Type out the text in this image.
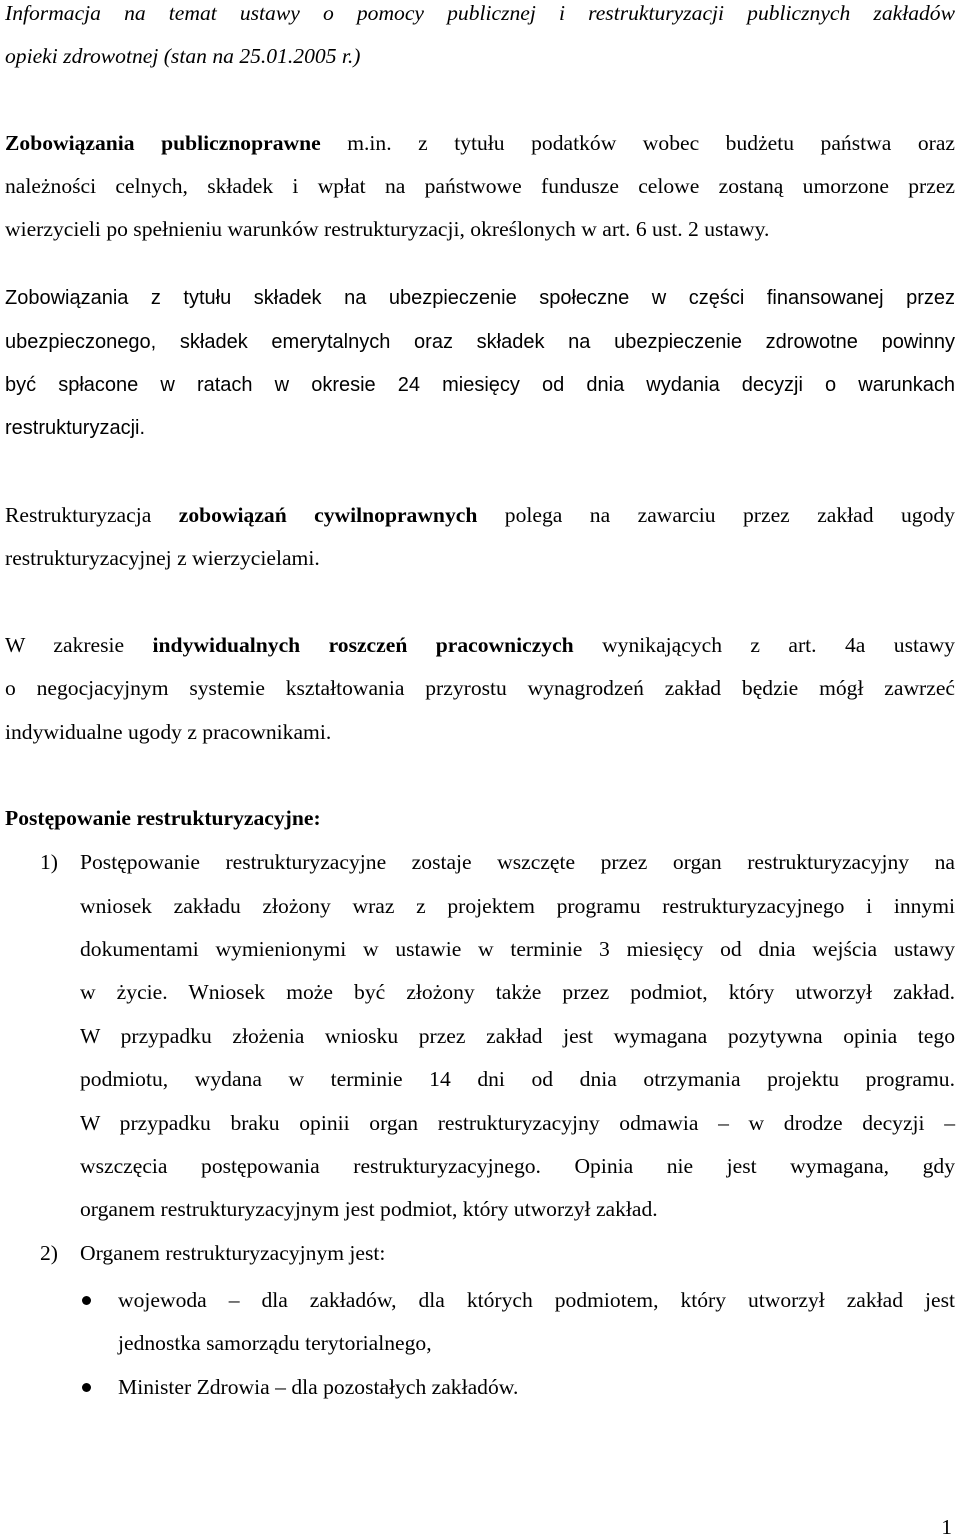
Informacja na temat ustawy o pomocy publicznej i restrukturyzacji publicznych zakładów
opieki zdrowotnej (stan na 25.01.2005 r.)
Zobowiązania publicznoprawne m.in. z tytułu podatków wobec budżetu państwa oraz
należności celnych, składek i wpłat na państwowe fundusze celowe zostaną umorzone przez
wierzycieli po spełnieniu warunków restrukturyzacji, określonych w art. 6 ust. 2 ustawy.
Zobowiązania z tytułu składek na ubezpieczenie społeczne w części finansowanej przez
ubezpieczonego, składek emerytalnych oraz składek na ubezpieczenie zdrowotne powinny
być spłacone w ratach w okresie 24 miesięcy od dnia wydania decyzji o warunkach
restrukturyzacji.
Restrukturyzacja zobowiązań cywilnoprawnych polega na zawarciu przez zakład ugody
restrukturyzacyjnej z wierzycielami.
W zakresie indywidualnych roszczeń pracowniczych wynikających z art. 4a ustawy
o negocjacyjnym systemie kształtowania przyrostu wynagrodzeń zakład będzie mógł zawrzeć
indywidualne ugody z pracownikami.
Postępowanie restrukturyzacyjne:
1) Postępowanie restrukturyzacyjne zostaje wszczęte przez organ restrukturyzacyjny na
wniosek zakładu złożony wraz z projektem programu restrukturyzacyjnego i innymi
dokumentami wymienionymi w ustawie w terminie 3 miesięcy od dnia wejścia ustawy
w życie. Wniosek może być złożony także przez podmiot, który utworzył zakład.
W przypadku złożenia wniosku przez zakład jest wymagana pozytywna opinia tego
podmiotu, wydana w terminie 14 dni od dnia otrzymania projektu programu.
W przypadku braku opinii organ restrukturyzacyjny odmawia – w drodze decyzji –
wszczęcia postępowania restrukturyzacyjnego. Opinia nie jest wymagana, gdy
organem restrukturyzacyjnym jest podmiot, który utworzył zakład.
2) Organem restrukturyzacyjnym jest:
wojewoda – dla zakładów, dla których podmiotem, który utworzył zakład jest
jednostka samorządu terytorialnego,
Minister Zdrowia – dla pozostałych zakładów.
1
